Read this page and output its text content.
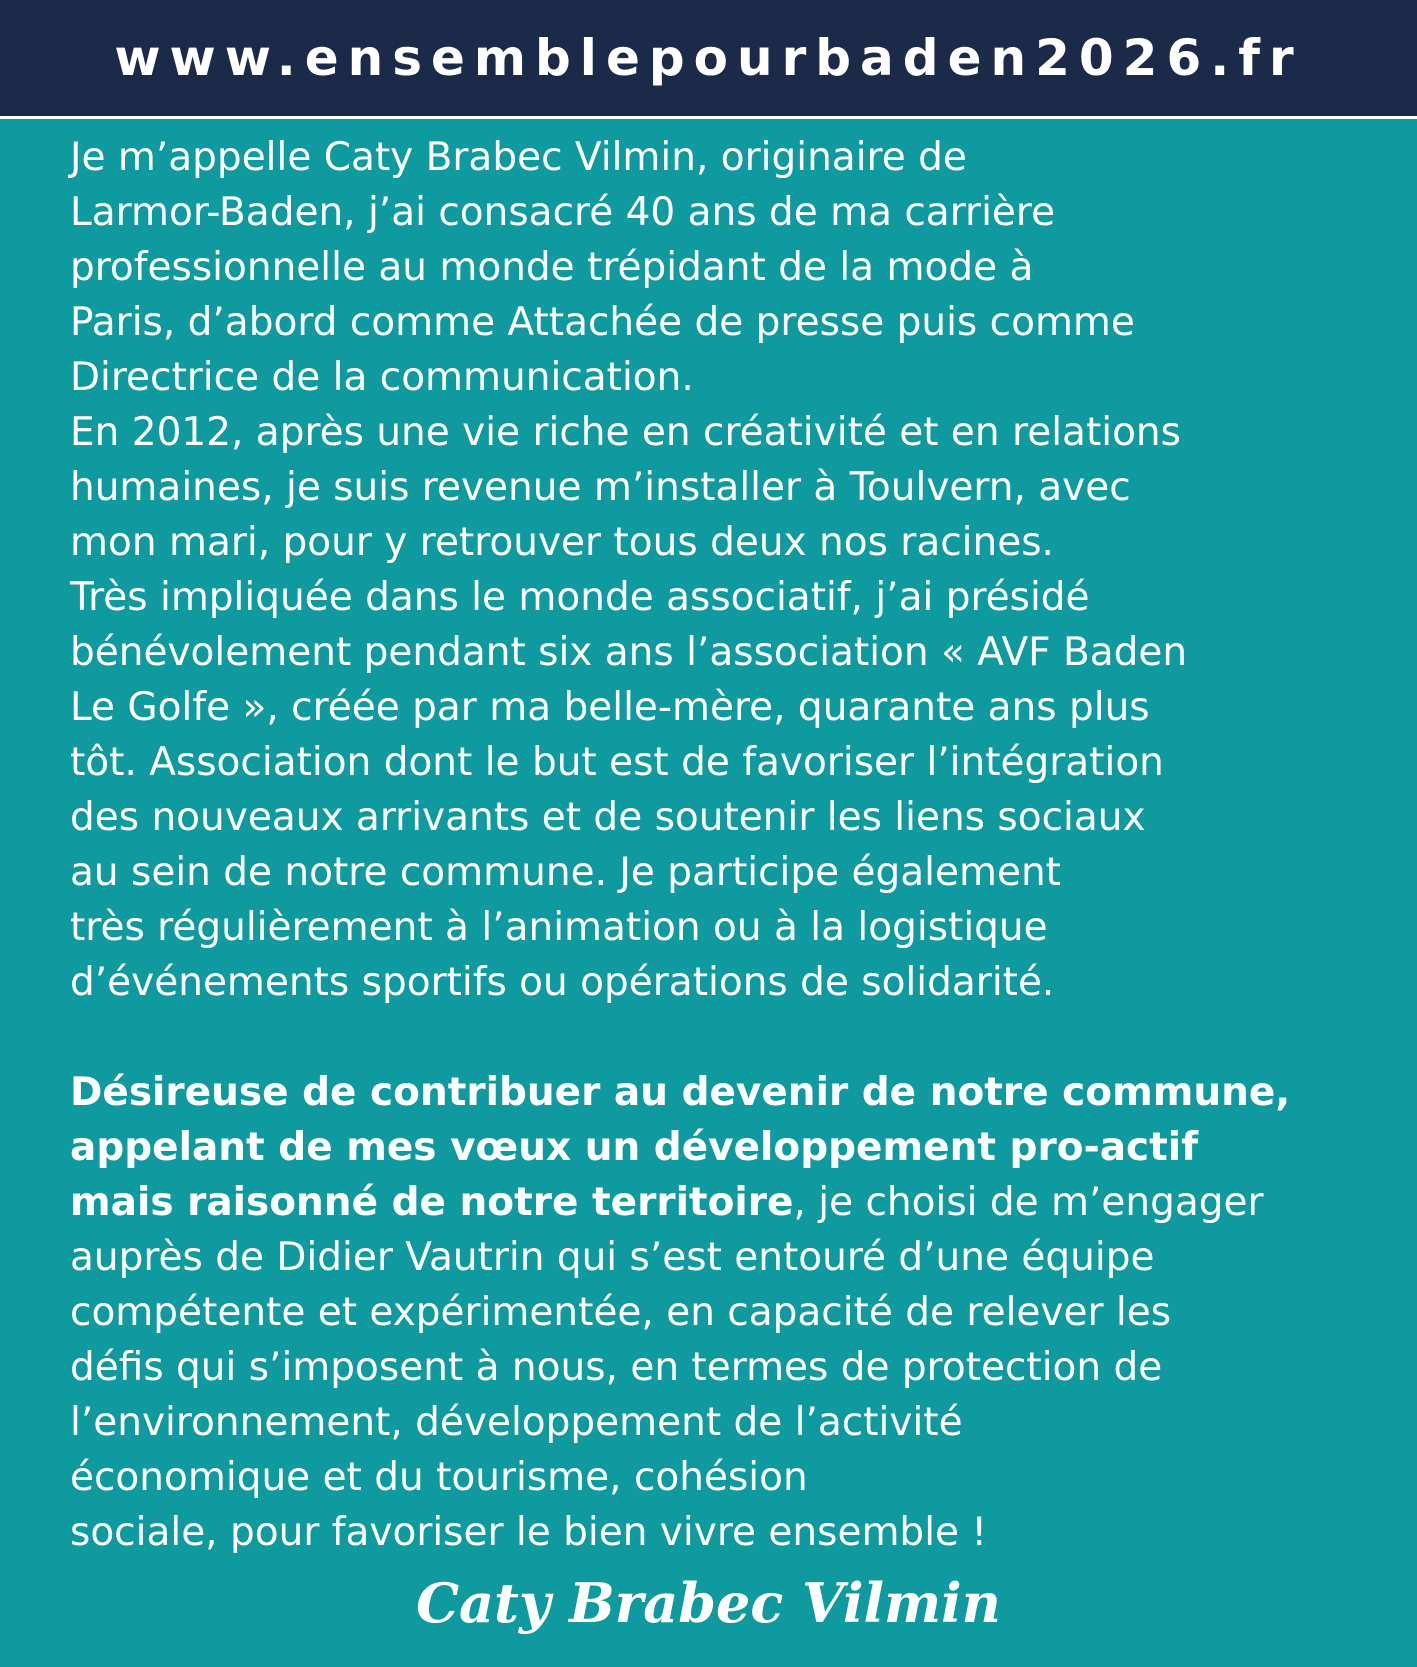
www.ensemblepourbaden2026.fr
Je m’appelle Caty Brabec Vilmin, originaire de
Larmor-Baden, j’ai consacré 40 ans de ma carrière
professionnelle au monde trépidant de la mode à
Paris, d’abord comme Attachée de presse puis comme
Directrice de la communication.
En 2012, après une vie riche en créativité et en relations
humaines, je suis revenue m’installer à Toulvern, avec
mon mari, pour y retrouver tous deux nos racines.
Très impliquée dans le monde associatif, j’ai présidé
bénévolement pendant six ans l’association « AVF Baden
Le Golfe », créée par ma belle-mère, quarante ans plus
tôt. Association dont le but est de favoriser l’intégration
des nouveaux arrivants et de soutenir les liens sociaux
au sein de notre commune. Je participe également
très régulièrement à l’animation ou à la logistique
d’événements sportifs ou opérations de solidarité.
Désireuse de contribuer au devenir de notre commune,
appelant de mes vœux un développement pro-actif
mais raisonné de notre territoire, je choisi de m’engager
auprès de Didier Vautrin qui s’est entouré d’une équipe
compétente et expérimentée, en capacité de relever les
défis qui s’imposent à nous, en termes de protection de
l’environnement, développement de l’activité
économique et du tourisme, cohésion
sociale, pour favoriser le bien vivre ensemble !
Caty Brabec Vilmin
